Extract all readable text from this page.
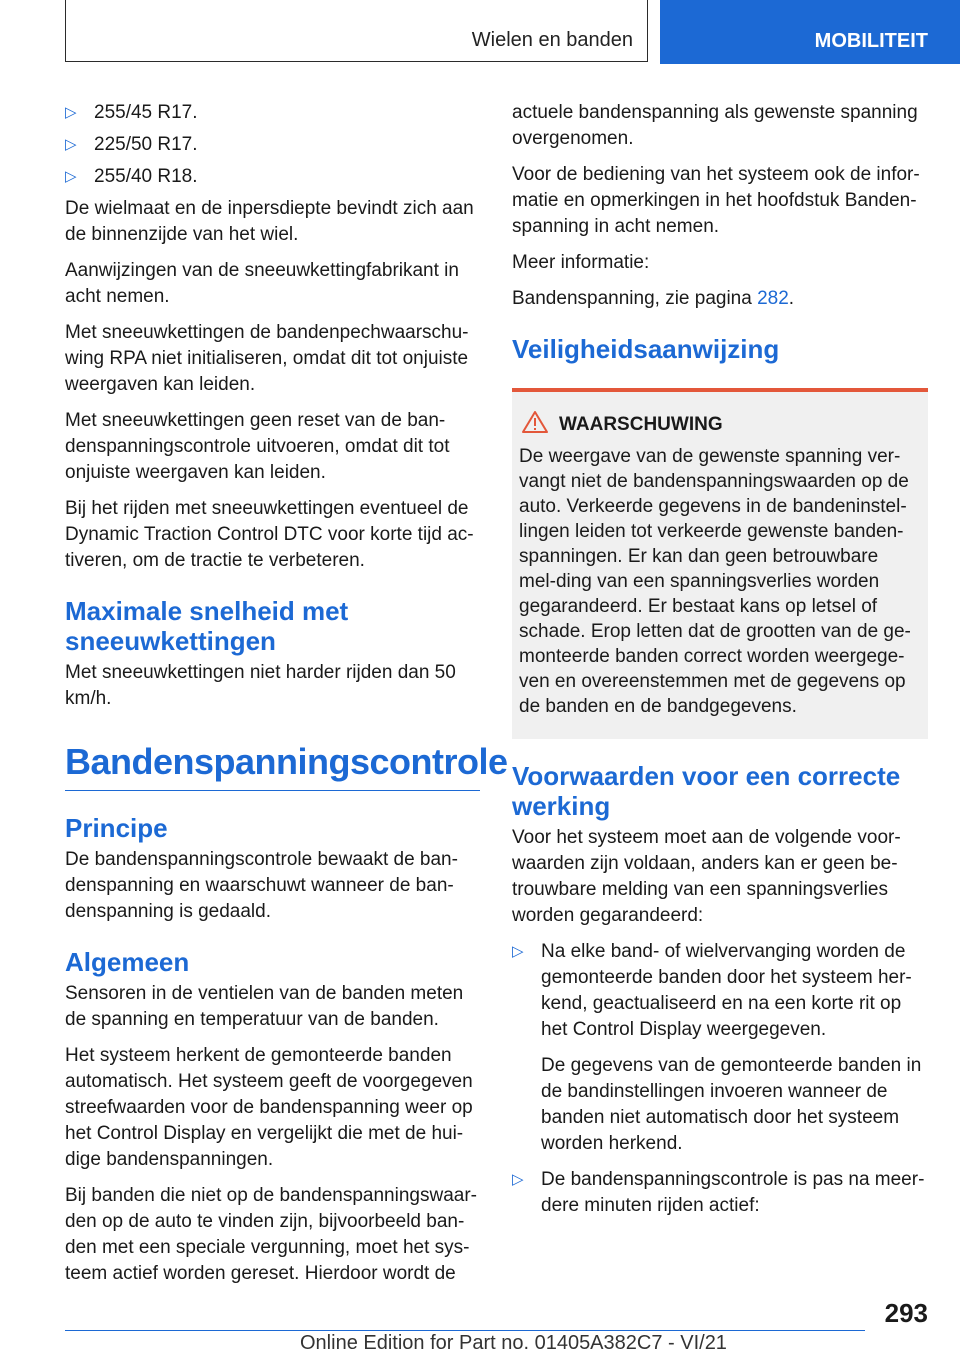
Wielen en banden	MOBILITEIT
▷ 255/45 R17.
▷ 225/50 R17.
▷ 255/40 R18.

De wielmaat en de inpersdiepte bevindt zich aan de binnenzijde van het wiel.

Aanwijzingen van de sneeuwkettingfabrikant in acht nemen.

Met sneeuwkettingen de bandenpechwaarschu-wing RPA niet initialiseren, omdat dit tot onjuiste weergaven kan leiden.

Met sneeuwkettingen geen reset van de ban-denspanningscontrole uitvoeren, omdat dit tot onjuiste weergaven kan leiden.

Bij het rijden met sneeuwkettingen eventueel de Dynamic Traction Control DTC voor korte tijd ac-tiveren, om de tractie te verbeteren.

Maximale snelheid met sneeuwkettingen

Met sneeuwkettingen niet harder rijden dan 50 km/h.

Bandenspanningscontrole
Principe

De bandenspanningscontrole bewaakt de ban-denspanning en waarschuwt wanneer de ban-denspanning is gedaald.

Algemeen

Sensoren in de ventielen van de banden meten de spanning en temperatuur van de banden.

Het systeem herkent de gemonteerde banden automatisch. Het systeem geeft de voorgegeven streefwaarden voor de bandenspanning weer op het Control Display en vergelijkt die met de hui-dige bandenspanningen.

Bij banden die niet op de bandenspanningswaar-den op de auto te vinden zijn, bijvoorbeeld ban-den met een speciale vergunning, moet het sys-teem actief worden gereset. Hierdoor wordt de

actuele bandenspanning als gewenste spanning overgenomen.

Voor de bediening van het systeem ook de infor-matie en opmerkingen in het hoofdstuk Banden-spanning in acht nemen.

Meer informatie:

Bandenspanning, zie pagina 282.

Veiligheidsaanwijzing
WAARSCHUWING
De weergave van de gewenste spanning ver-vangt niet de bandenspanningswaarden op de auto. Verkeerde gegevens in de bandeninstel-lingen leiden tot verkeerde gewenste banden-spanningen. Er kan dan geen betrouwbare mel-ding van een spanningsverlies worden gegarandeerd. Er bestaat kans op letsel of schade. Erop letten dat de grootten van de ge-monteerde banden correct worden weergege-ven en overeenstemmen met de gegevens op de banden en de bandgegevens.
Voorwaarden voor een correcte werking

Voor het systeem moet aan de volgende voor-waarden zijn voldaan, anders kan er geen be-trouwbare melding van een spanningsverlies worden gegarandeerd:

▷ Na elke band- of wielvervanging worden de gemonteerde banden door het systeem her-kend, geactualiseerd en na een korte rit op het Control Display weergegeven.

De gegevens van de gemonteerde banden in de bandinstellingen invoeren wanneer de banden niet automatisch door het systeem worden herkend.

▷ De bandenspanningscontrole is pas na meer-dere minuten rijden actief:

293
Online Edition for Part no. 01405A382C7 - VI/21
